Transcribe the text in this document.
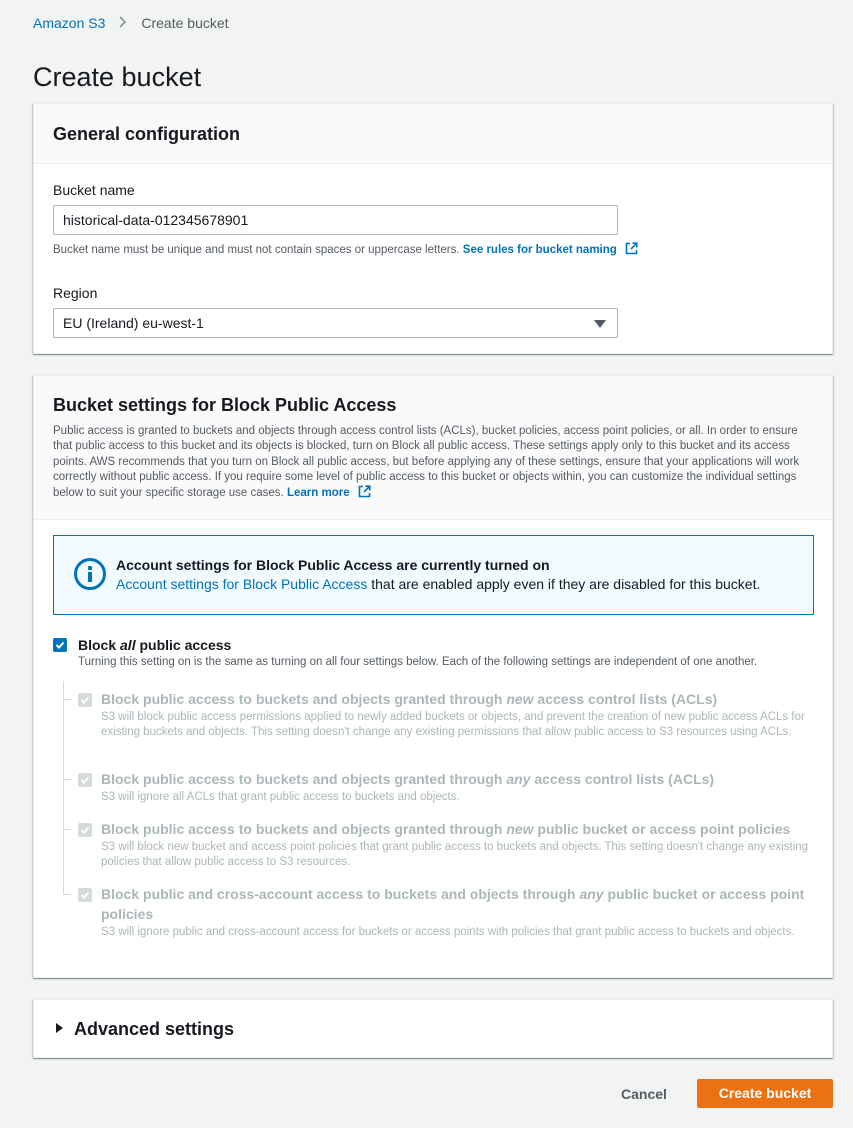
Amazon S3	Create bucket
Create bucket
General configuration
Bucket name
historical-data-012345678901
Bucket name must be unique and must not contain spaces or uppercase letters. See rules for bucket naming
Region
EU (Ireland) eu-west-1
Bucket settings for Block Public Access
Public access is granted to buckets and objects through access control lists (ACLs), bucket policies, access point policies, or all. In order to ensure that public access to this bucket and its objects is blocked, turn on Block all public access. These settings apply only to this bucket and its access points. AWS recommends that you turn on Block all public access, but before applying any of these settings, ensure that your applications will work correctly without public access. If you require some level of public access to this bucket or objects within, you can customize the individual settings below to suit your specific storage use cases. Learn more
Account settings for Block Public Access are currently turned on
Account settings for Block Public Access that are enabled apply even if they are disabled for this bucket.
Block all public access
Turning this setting on is the same as turning on all four settings below. Each of the following settings are independent of one another.
Block public access to buckets and objects granted through new access control lists (ACLs)
S3 will block public access permissions applied to newly added buckets or objects, and prevent the creation of new public access ACLs for existing buckets and objects. This setting doesn't change any existing permissions that allow public access to S3 resources using ACLs.
Block public access to buckets and objects granted through any access control lists (ACLs)
S3 will ignore all ACLs that grant public access to buckets and objects.
Block public access to buckets and objects granted through new public bucket or access point policies
S3 will block new bucket and access point policies that grant public access to buckets and objects. This setting doesn't change any existing policies that allow public access to S3 resources.
Block public and cross-account access to buckets and objects through any public bucket or access point policies
S3 will ignore public and cross-account access for buckets or access points with policies that grant public access to buckets and objects.
Advanced settings
Cancel	Create bucket
